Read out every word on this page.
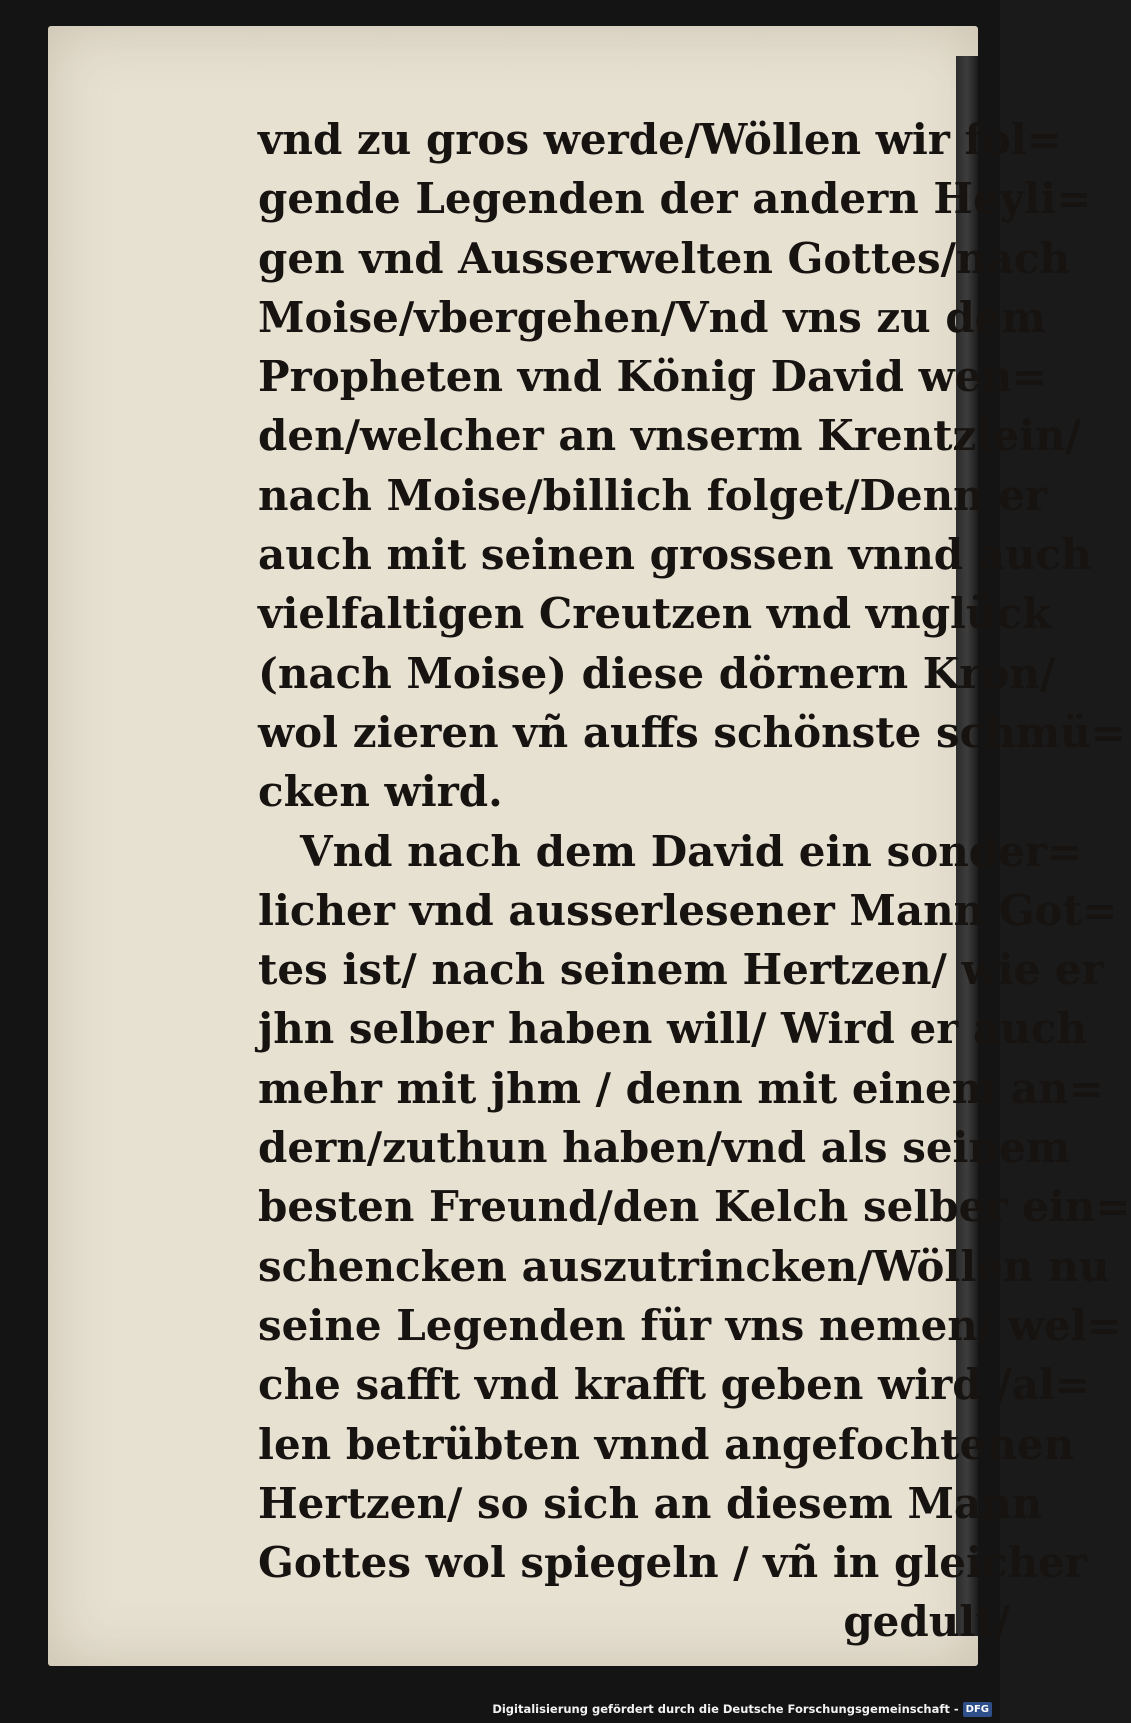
vnd zu gros werde/Wöllen wir fol=
gende Legenden der andern Heyli=
gen vnd Ausserwelten Gottes/nach
Moise/vbergehen/Vnd vns zu dem
Propheten vnd König David wen=
den/welcher an vnserm Krentzlein/
nach Moise/billich folget/Denn er
auch mit seinen grossen vnnd auch
vielfaltigen Creutzen vnd vnglück
(nach Moise) diese dörnern Kron/
wol zieren vñ auffs schönste schmü=
cken wird.
Vnd nach dem David ein sonder=
licher vnd ausserlesener Mann Got=
tes ist/ nach seinem Hertzen/ wie er
jhn selber haben will/ Wird er auch
mehr mit jhm / denn mit einem an=
dern/zuthun haben/vnd als seinem
besten Freund/den Kelch selber ein=
schencken auszutrincken/Wöllen nu
seine Legenden für vns nemen/ wel=
che safft vnd krafft geben wird /al=
len betrübten vnnd angefochtenen
Hertzen/ so sich an diesem Mann
Gottes wol spiegeln / vñ in gleicher
gedult/
Digitalisierung gefördert durch die Deutsche Forschungsgemeinschaft - DFG
